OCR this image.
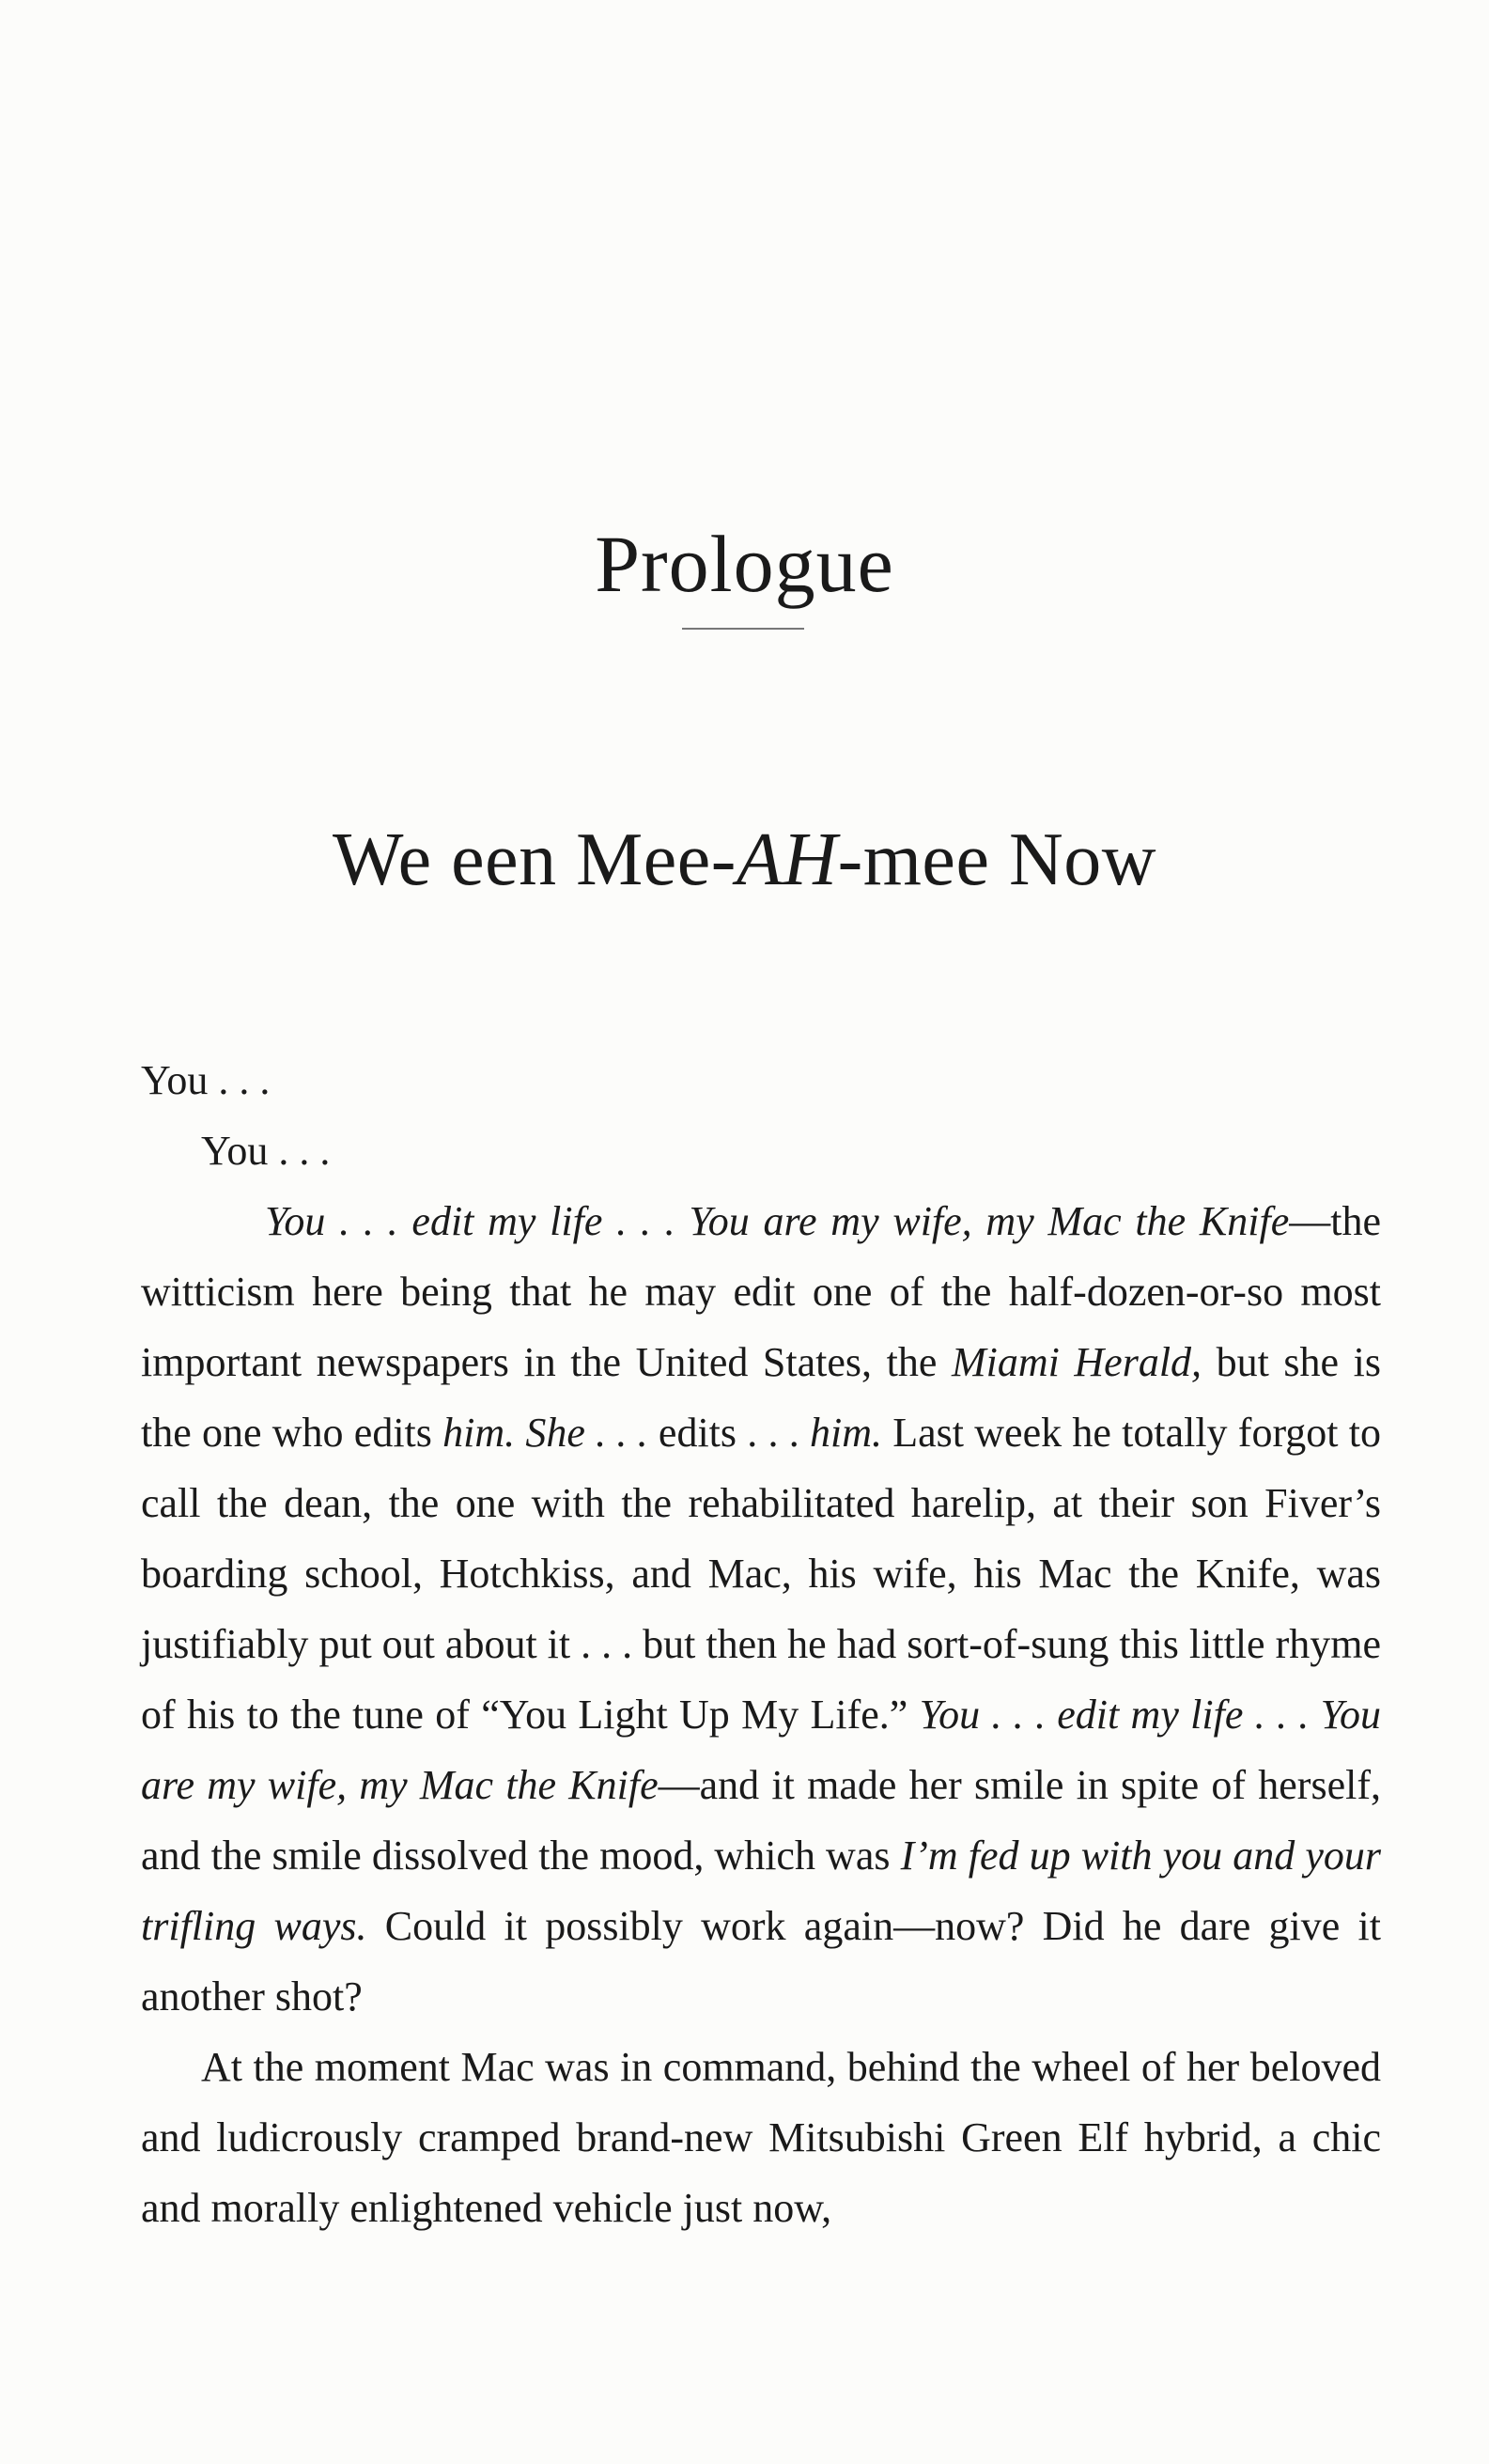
Prologue
We een Mee-AH-mee Now

You . . .

You . . .

You . . . edit my life . . . You are my wife, my Mac the Knife—the witticism here being that he may edit one of the half-dozen-or-so most important newspapers in the United States, the Miami Herald, but she is the one who edits him. She . . . edits . . . him. Last week he totally forgot to call the dean, the one with the rehabilitated harelip, at their son Fiver’s boarding school, Hotchkiss, and Mac, his wife, his Mac the Knife, was justifiably put out about it . . . but then he had sort-of-sung this little rhyme of his to the tune of “You Light Up My Life.” You . . . edit my life . . . You are my wife, my Mac the Knife—and it made her smile in spite of herself, and the smile dissolved the mood, which was I’m fed up with you and your trifling ways. Could it possibly work again—now? Did he dare give it another shot?

At the moment Mac was in command, behind the wheel of her beloved and ludicrously cramped brand-new Mitsubishi Green Elf hybrid, a chic and morally enlightened vehicle just now,
